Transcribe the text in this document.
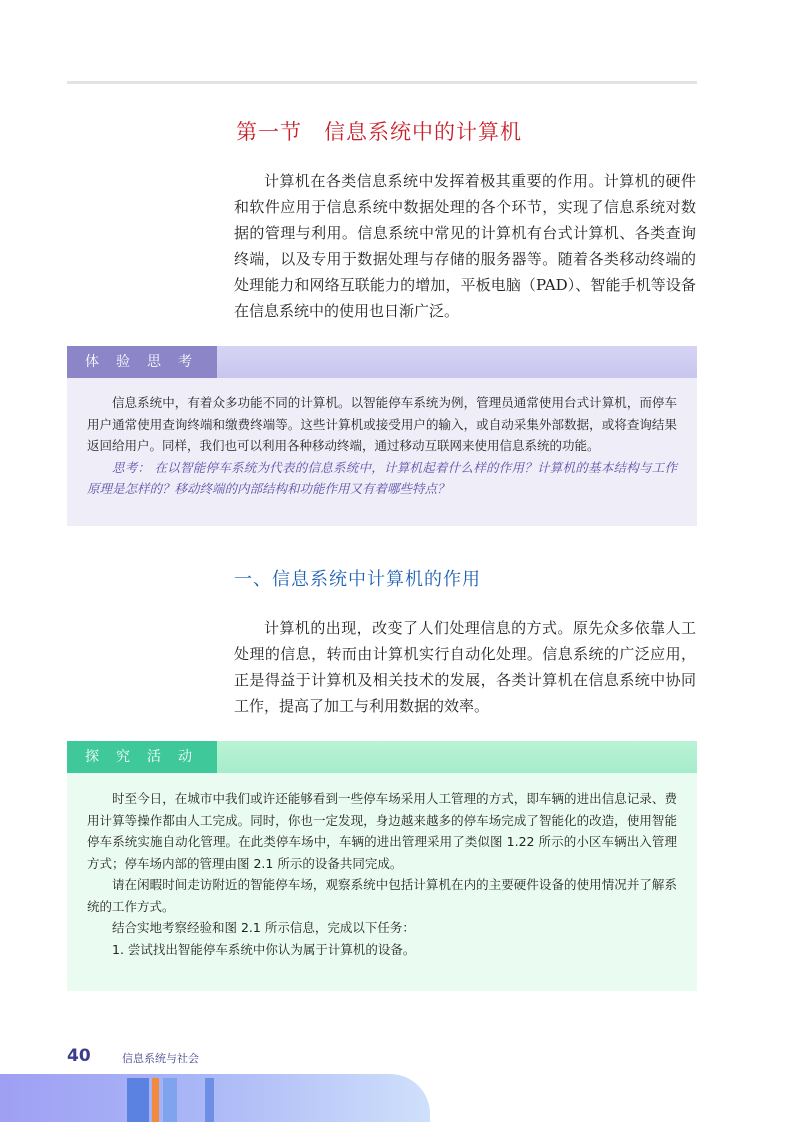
第一节 信息系统中的计算机

计算机在各类信息系统中发挥着极其重要的作用。计算机的硬件和软件应用于信息系统中数据处理的各个环节，实现了信息系统对数据的管理与利用。信息系统中常见的计算机有台式计算机、各类查询终端，以及专用于数据处理与存储的服务器等。随着各类移动终端的处理能力和网络互联能力的增加，平板电脑（PAD）、智能手机等设备在信息系统中的使用也日渐广泛。

体验思考

信息系统中，有着众多功能不同的计算机。以智能停车系统为例，管理员通常使用台式计算机，而停车用户通常使用查询终端和缴费终端等。这些计算机或接受用户的输入，或自动采集外部数据，或将查询结果返回给用户。同样，我们也可以利用各种移动终端，通过移动互联网来使用信息系统的功能。

思考： 在以智能停车系统为代表的信息系统中，计算机起着什么样的作用？计算机的基本结构与工作原理是怎样的？移动终端的内部结构和功能作用又有着哪些特点？

一、信息系统中计算机的作用

计算机的出现，改变了人们处理信息的方式。原先众多依靠人工处理的信息，转而由计算机实行自动化处理。信息系统的广泛应用，正是得益于计算机及相关技术的发展，各类计算机在信息系统中协同工作，提高了加工与利用数据的效率。

探究活动

时至今日，在城市中我们或许还能够看到一些停车场采用人工管理的方式，即车辆的进出信息记录、费用计算等操作都由人工完成。同时，你也一定发现，身边越来越多的停车场完成了智能化的改造，使用智能停车系统实施自动化管理。在此类停车场中，车辆的进出管理采用了类似图 1.22 所示的小区车辆出入管理方式；停车场内部的管理由图 2.1 所示的设备共同完成。

请在闲暇时间走访附近的智能停车场，观察系统中包括计算机在内的主要硬件设备的使用情况并了解系统的工作方式。

结合实地考察经验和图 2.1 所示信息，完成以下任务：

1. 尝试找出智能停车系统中你认为属于计算机的设备。

40	信息系统与社会
